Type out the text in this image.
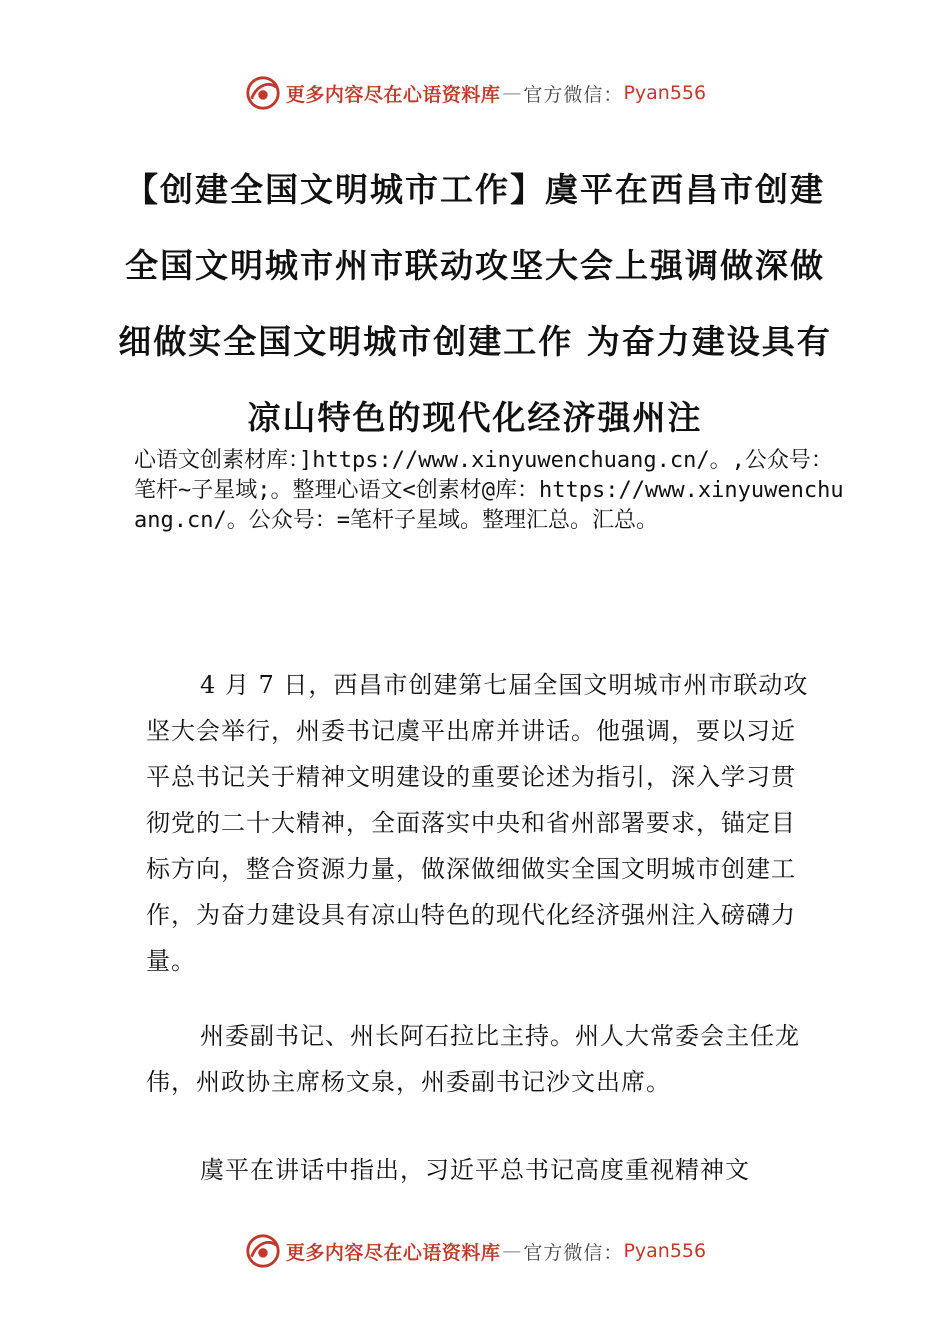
更多内容尽在心语资料库 — 官方微信： Pyan556
【创建全国文明城市工作】虞平在西昌市创建全国文明城市州市联动攻坚大会上强调做深做细做实全国文明城市创建工作 为奋力建设具有凉山特色的现代化经济强州注

心语文创素材库：]https://www.xinyuwenchuang.cn/。,公众号：笔杆~子星域;。整理心语文<创素材@库：https://www.xinyuwenchuang.cn/。公众号：=笔杆子星域。整理汇总。汇总。

4 月 7 日，西昌市创建第七届全国文明城市州市联动攻坚大会举行，州委书记虞平出席并讲话。他强调，要以习近平总书记关于精神文明建设的重要论述为指引，深入学习贯彻党的二十大精神，全面落实中央和省州部署要求，锚定目标方向，整合资源力量，做深做细做实全国文明城市创建工作，为奋力建设具有凉山特色的现代化经济强州注入磅礴力量。

州委副书记、州长阿石拉比主持。州人大常委会主任龙伟，州政协主席杨文泉，州委副书记沙文出席。

虞平在讲话中指出，习近平总书记高度重视精神文

更多内容尽在心语资料库 — 官方微信： Pyan556
